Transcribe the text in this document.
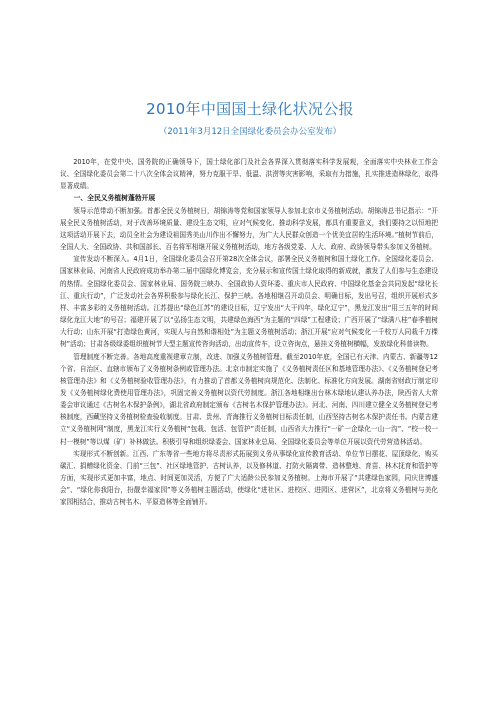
2010年中国国土绿化状况公报
（2011年3月12日全国绿化委员会办公室发布）

2010年，在党中央、国务院的正确领导下，国土绿化部门及社会各界深入贯彻落实科学发展观，全面落实中央林业工作会议、全国绿化委员会第二十八次全体会议精神，努力克服干旱、低温、洪涝等灾害影响，采取有力措施，扎实推进造林绿化，取得显著成绩。

一、全民义务植树蓬勃开展

领导示范带动不断加强。首都全民义务植树日，胡锦涛等党和国家领导人参加北京市义务植树活动。胡锦涛总书记指示：“开展全民义务植树活动，对于改善环境质量、建设生态文明，应对气候变化、推动科学发展，都具有重要意义，我们要持之以恒地把这项活动开展下去，动员全社会为建设祖国秀美山川作出不懈努力，为广大人民群众创造一个优美宜居的生活环境。”植树节前后，全国人大、全国政协、共和国部长、百名将军相继开展义务植树活动，地方各级党委、人大、政府、政协领导带头参加义务植树。

宣传发动不断深入。4月1日，全国绿化委员会召开第28次全体会议，部署全民义务植树和国土绿化工作。全国绿化委员会、国家林业局、河南省人民政府成功举办第二届中国绿化博览会，充分展示和宣传国土绿化取得的新成就，激发了人们参与生态建设的热情。全国绿化委员会、国家林业局、国务院三峡办、全国政协人资环委、重庆市人民政府、中国绿化基金会共同发起“绿化长江、重庆行动”，广泛发动社会各界积极参与绿化长江、保护三峡。各地相继召开动员会、明确目标，发出号召，组织开展形式多样、丰富多彩的义务植树活动。江苏提出“绿色江苏”的建设目标，辽宁发出“大干四年，绿化辽宁”，黑龙江发出“用三五年的时间绿化龙江大地”的号召；福建开展了以“弘扬生态文明，共建绿色海西”为主题的“四绿”工程建设；广西开展了“绿满八桂”春季植树大行动；山东开展“打造绿色黄河，实现人与自然和谐相处”为主题义务植树活动；浙江开展“应对气候变化一千校万人同栽千万棵树”活动；甘肃各级绿委组织植树节大型主题宣传咨询活动，出动宣传车，设立咨询点，悬挂义务植树横幅，发放绿化科普读物。

管理制度不断完善。各地高度重视建章立制，改进、加强义务植树管理。截至2010年底，全国已有天津、内蒙古、新疆等12个省、自治区、直辖市颁布了义务植树条例或管理办法。北京市制定实施了《义务植树责任区和基地管理办法》、《义务植树登记考核管理办法》和《义务植树验收管理办法》，有力推动了首都义务植树向规范化、法制化、标准化方向发展。湖南省财政厅制定印发《义务植树绿化费使用管理办法》，巩固完善义务植树以资代劳制度。浙江各地相继出台林木绿地认建认养办法，陕西省人大常委会审议通过《古树名木保护条例》，湖北省政府制定颁布《古树名木保护管理办法》。河北、河南、四川建立健全义务植树登记考核制度，西藏坚持义务植树检查验收制度。甘肃、贵州、青海推行义务植树目标责任制，山西坚持古树名木保护责任书。内蒙古建立“义务植树网”制度，黑龙江实行义务植树“包栽、包活、包管护”责任制，山西省大力推行“一矿一企绿化一山一沟”、“校一校一村一模树”等以煤（矿）补林做法。积极引导和组织绿委会、国家林业总局、全国绿化委员会等单位开展以资代劳营造林活动。

实现形式不断创新。江西、广东等省一些地方将尽责形式拓展到义务从事绿化宣传教育活动、单位节日摆花、屋顶绿化、购买碳汇、捐赠绿化资金、门前“三包”、社区绿地管护、古树认养，以及修林道、打防火隔离带、造林整地、育苗、林木抚育和管护等方面，实现形式更加丰富，地点、时间更加灵活，方便了广大适龄公民参加义务植树。上海市开展了“共建绿色家园，同庆世博盛会”、“绿化你我阳台，扮靓幸福家园”等义务植树主题活动，使绿化“进社区、进校区、进园区、进营区”，北京将义务植树与美化家园相结合，推动古树名木、平原造林等全面铺开。
